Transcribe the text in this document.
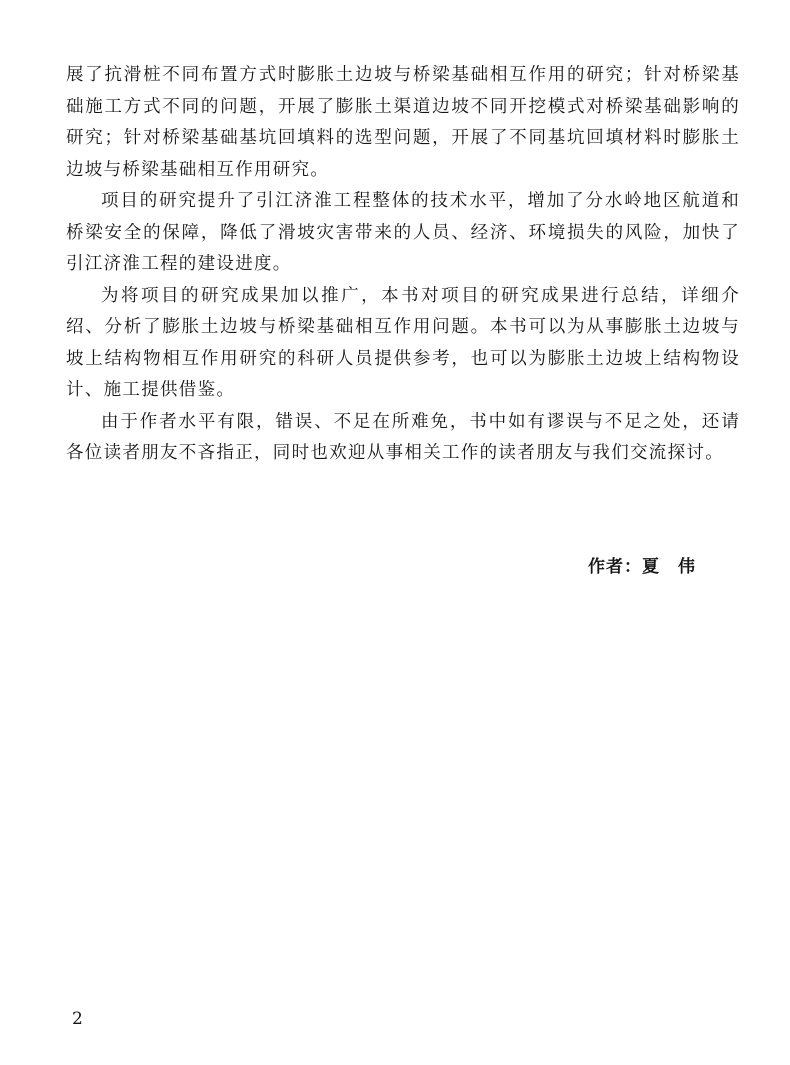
展了抗滑桩不同布置方式时膨胀土边坡与桥梁基础相互作用的研究；针对桥梁基础施工方式不同的问题，开展了膨胀土渠道边坡不同开挖模式对桥梁基础影响的研究；针对桥梁基础基坑回填料的选型问题，开展了不同基坑回填材料时膨胀土边坡与桥梁基础相互作用研究。

项目的研究提升了引江济淮工程整体的技术水平，增加了分水岭地区航道和桥梁安全的保障，降低了滑坡灾害带来的人员、经济、环境损失的风险，加快了引江济淮工程的建设进度。

为将项目的研究成果加以推广，本书对项目的研究成果进行总结，详细介绍、分析了膨胀土边坡与桥梁基础相互作用问题。本书可以为从事膨胀土边坡与坡上结构物相互作用研究的科研人员提供参考，也可以为膨胀土边坡上结构物设计、施工提供借鉴。

由于作者水平有限，错误、不足在所难免，书中如有谬误与不足之处，还请各位读者朋友不吝指正，同时也欢迎从事相关工作的读者朋友与我们交流探讨。

作者：夏　伟
2
